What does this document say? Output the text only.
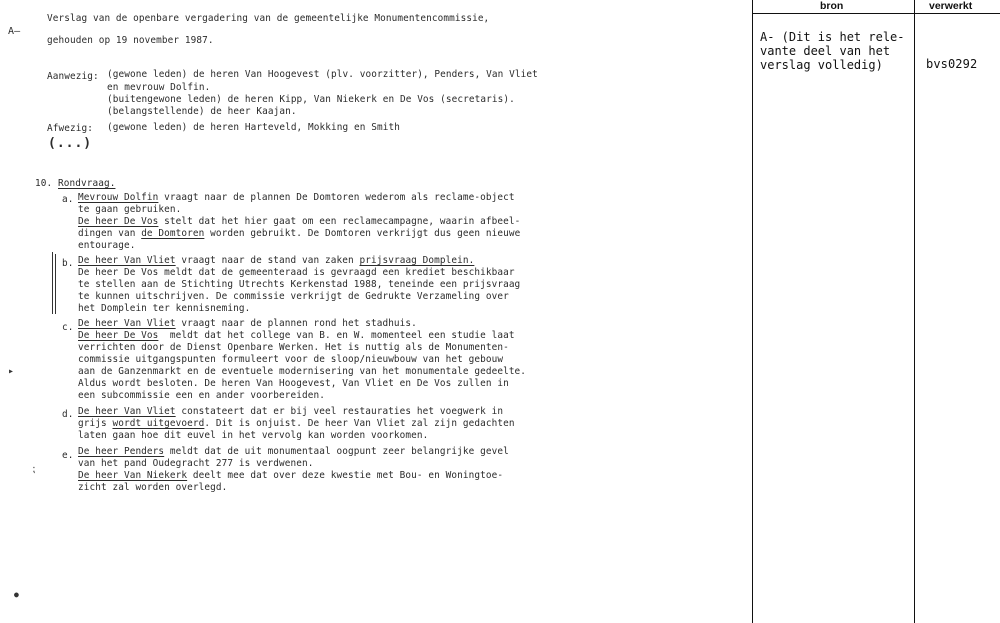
A–
Verslag van de openbare vergadering van de gemeentelijke Monumentencommissie,
gehouden op 19 november 1987.
Aanwezig: (gewone leden) de heren Van Hoogevest (plv. voorzitter), Penders, Van Vliet
en mevrouw Dolfin.
(buitengewone leden) de heren Kipp, Van Niekerk en De Vos (secretaris).
(belangstellende) de heer Kaajan.
Afwezig: (gewone leden) de heren Harteveld, Mokking en Smith
(...)
10. Rondvraag.
a. Mevrouw Dolfin vraagt naar de plannen De Domtoren wederom als reclame-object
te gaan gebruiken.
De heer De Vos stelt dat het hier gaat om een reclamecampagne, waarin afbeel-
dingen van de Domtoren worden gebruikt. De Domtoren verkrijgt dus geen nieuwe
entourage.
b. De heer Van Vliet vraagt naar de stand van zaken prijsvraag Domplein.
De heer De Vos meldt dat de gemeenteraad is gevraagd een krediet beschikbaar
te stellen aan de Stichting Utrechts Kerkenstad 1988, teneinde een prijsvraag
te kunnen uitschrijven. De commissie verkrijgt de Gedrukte Verzameling over
het Domplein ter kennisneming.
c. De heer Van Vliet vraagt naar de plannen rond het stadhuis.
De heer De Vos  meldt dat het college van B. en W. momenteel een studie laat
verrichten door de Dienst Openbare Werken. Het is nuttig als de Monumenten-
commissie uitgangspunten formuleert voor de sloop/nieuwbouw van het gebouw
aan de Ganzenmarkt en de eventuele modernisering van het monumentale gedeelte.
Aldus wordt besloten. De heren Van Hoogevest, Van Vliet en De Vos zullen in
een subcommissie een en ander voorbereiden.
d. De heer Van Vliet constateert dat er bij veel restauraties het voegwerk in
grijs wordt uitgevoerd. Dit is onjuist. De heer Van Vliet zal zijn gedachten
laten gaan hoe dit euvel in het vervolg kan worden voorkomen.
e. De heer Penders meldt dat de uit monumentaal oogpunt zeer belangrijke gevel
van het pand Oudegracht 277 is verdwenen.
De heer Van Niekerk deelt mee dat over deze kwestie met Bou- en Woningtoe-
zicht zal worden overlegd.
▸
⁏
●
bron	verwerkt
A- (Dit is het rele-
vante deel van het
verslag volledig)	bvs0292
